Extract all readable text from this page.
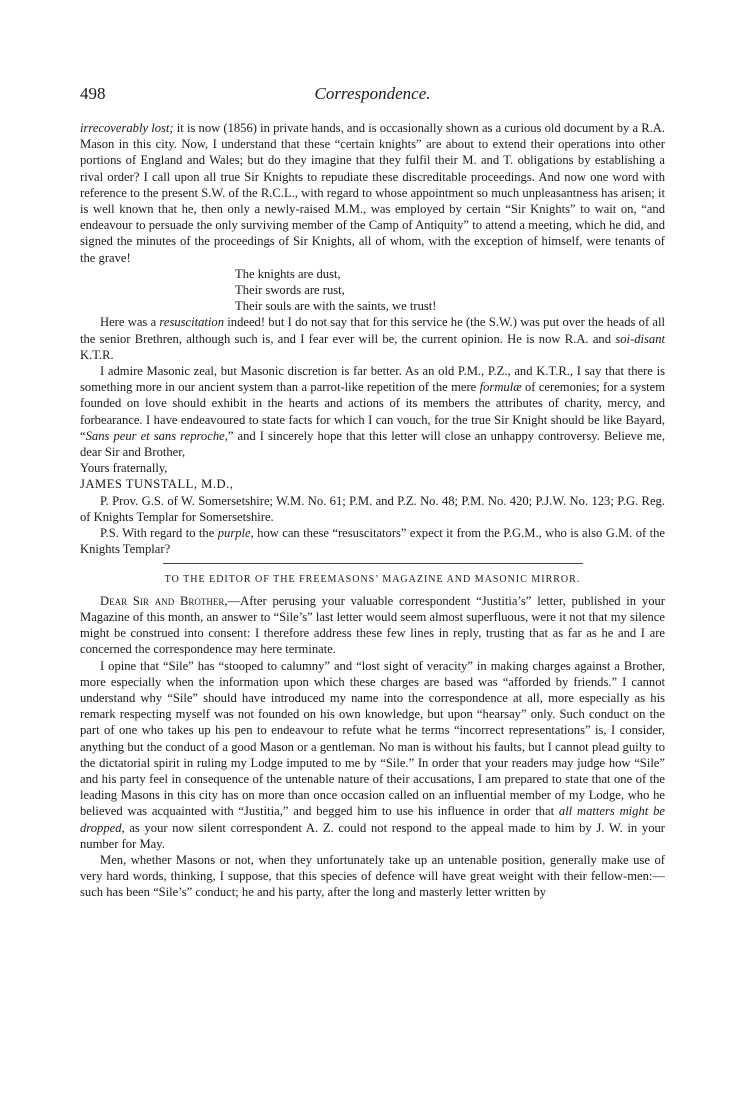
498	Correspondence.

irrecoverably lost; it is now (1856) in private hands, and is occasionally shown as a curious old document by a R.A. Mason in this city. Now, I understand that these “certain knights” are about to extend their operations into other portions of England and Wales; but do they imagine that they fulfil their M. and T. obligations by establishing a rival order? I call upon all true Sir Knights to repudiate these discreditable proceedings. And now one word with reference to the present S.W. of the R.C.L., with regard to whose appointment so much unpleasantness has arisen; it is well known that he, then only a newly-raised M.M., was employed by certain “Sir Knights” to wait on, “and endeavour to persuade the only surviving member of the Camp of Antiquity” to attend a meeting, which he did, and signed the minutes of the proceedings of Sir Knights, all of whom, with the exception of himself, were tenants of the grave!

The knights are dust,
Their swords are rust,
Their souls are with the saints, we trust!

Here was a resuscitation indeed! but I do not say that for this service he (the S.W.) was put over the heads of all the senior Brethren, although such is, and I fear ever will be, the current opinion. He is now R.A. and soi-disant K.T.R.

I admire Masonic zeal, but Masonic discretion is far better. As an old P.M., P.Z., and K.T.R., I say that there is something more in our ancient system than a parrot-like repetition of the mere formulæ of ceremonies; for a system founded on love should exhibit in the hearts and actions of its members the attributes of charity, mercy, and forbearance. I have endeavoured to state facts for which I can vouch, for the true Sir Knight should be like Bayard, “Sans peur et sans reproche,” and I sincerely hope that this letter will close an unhappy controversy. Believe me, dear Sir and Brother,

Yours fraternally,

JAMES TUNSTALL, M.D.,

P. Prov. G.S. of W. Somersetshire; W.M. No. 61; P.M. and P.Z. No. 48; P.M. No. 420; P.J.W. No. 123; P.G. Reg. of Knights Templar for Somersetshire.

P.S. With regard to the purple, how can these “resuscitators” expect it from the P.G.M., who is also G.M. of the Knights Templar?

TO THE EDITOR OF THE FREEMASONS’ MAGAZINE AND MASONIC MIRROR.

Dear Sir and Brother,—After perusing your valuable correspondent “Justitia’s” letter, published in your Magazine of this month, an answer to “Sile’s” last letter would seem almost superfluous, were it not that my silence might be construed into consent: I therefore address these few lines in reply, trusting that as far as he and I are concerned the correspondence may here terminate.

I opine that “Sile” has “stooped to calumny” and “lost sight of veracity” in making charges against a Brother, more especially when the information upon which these charges are based was “afforded by friends.” I cannot understand why “Sile” should have introduced my name into the correspondence at all, more especially as his remark respecting myself was not founded on his own knowledge, but upon “hearsay” only. Such conduct on the part of one who takes up his pen to endeavour to refute what he terms “incorrect representations” is, I consider, anything but the conduct of a good Mason or a gentleman. No man is without his faults, but I cannot plead guilty to the dictatorial spirit in ruling my Lodge imputed to me by “Sile.” In order that your readers may judge how “Sile” and his party feel in consequence of the untenable nature of their accusations, I am prepared to state that one of the leading Masons in this city has on more than once occasion called on an influential member of my Lodge, who he believed was acquainted with “Justitia,” and begged him to use his influence in order that all matters might be dropped, as your now silent correspondent A. Z. could not respond to the appeal made to him by J. W. in your number for May.

Men, whether Masons or not, when they unfortunately take up an untenable position, generally make use of very hard words, thinking, I suppose, that this species of defence will have great weight with their fellow-men:—such has been “Sile’s” conduct; he and his party, after the long and masterly letter written by
